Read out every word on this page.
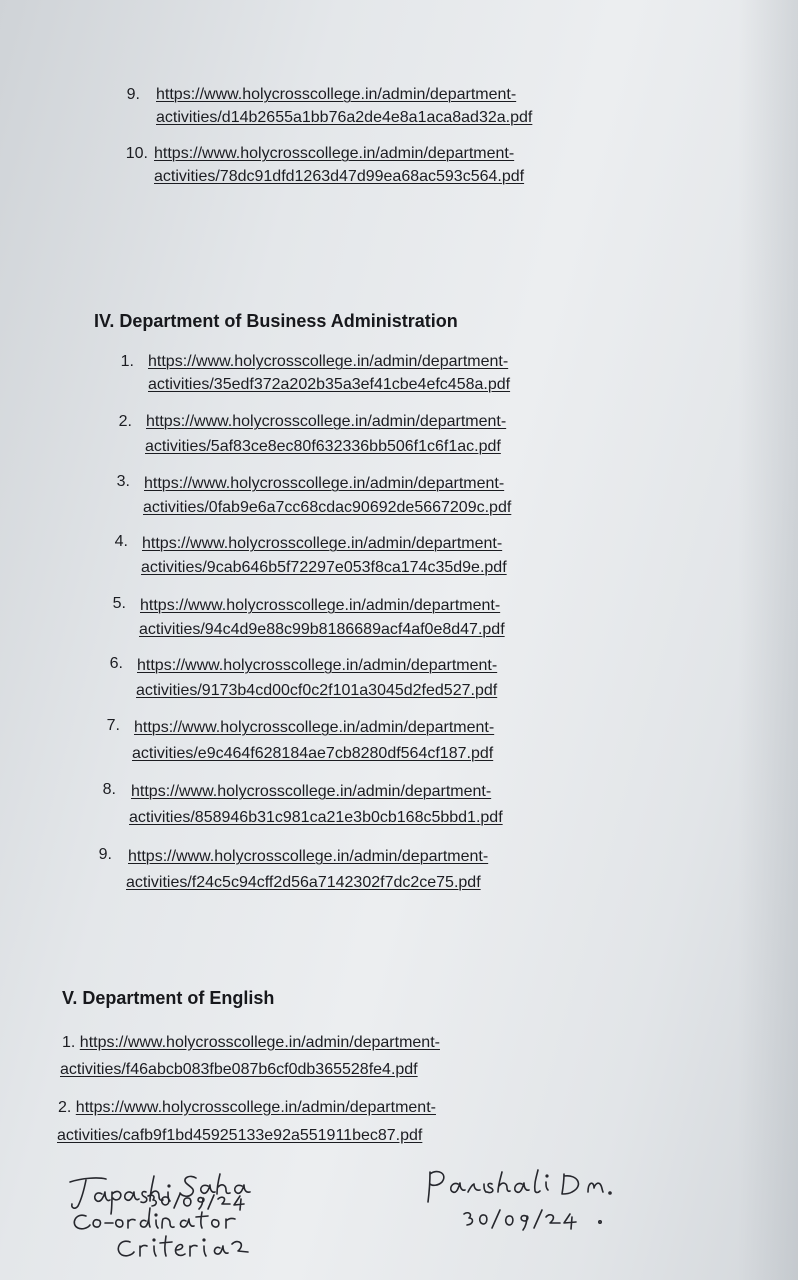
9. https://www.holycrosscollege.in/admin/department-
activities/d14b2655a1bb76a2de4e8a1aca8ad32a.pdf
10. https://www.holycrosscollege.in/admin/department-
activities/78dc91dfd1263d47d99ea68ac593c564.pdf
IV. Department of Business Administration
1. https://www.holycrosscollege.in/admin/department-
activities/35edf372a202b35a3ef41cbe4efc458a.pdf
2. https://www.holycrosscollege.in/admin/department-
activities/5af83ce8ec80f632336bb506f1c6f1ac.pdf
3. https://www.holycrosscollege.in/admin/department-
activities/0fab9e6a7cc68cdac90692de5667209c.pdf
4. https://www.holycrosscollege.in/admin/department-
activities/9cab646b5f72297e053f8ca174c35d9e.pdf
5. https://www.holycrosscollege.in/admin/department-
activities/94c4d9e88c99b8186689acf4af0e8d47.pdf
6. https://www.holycrosscollege.in/admin/department-
activities/9173b4cd00cf0c2f101a3045d2fed527.pdf
7. https://www.holycrosscollege.in/admin/department-
activities/e9c464f628184ae7cb8280df564cf187.pdf
8. https://www.holycrosscollege.in/admin/department-
activities/858946b31c981ca21e3b0cb168c5bbd1.pdf
9. https://www.holycrosscollege.in/admin/department-
activities/f24c5c94cff2d56a7142302f7dc2ce75.pdf
V. Department of English
1. https://www.holycrosscollege.in/admin/department-
activities/f46abcb083fbe087b6cf0db365528fe4.pdf
2. https://www.holycrosscollege.in/admin/department-
activities/cafb9f1bd45925133e92a551911bec87.pdf
